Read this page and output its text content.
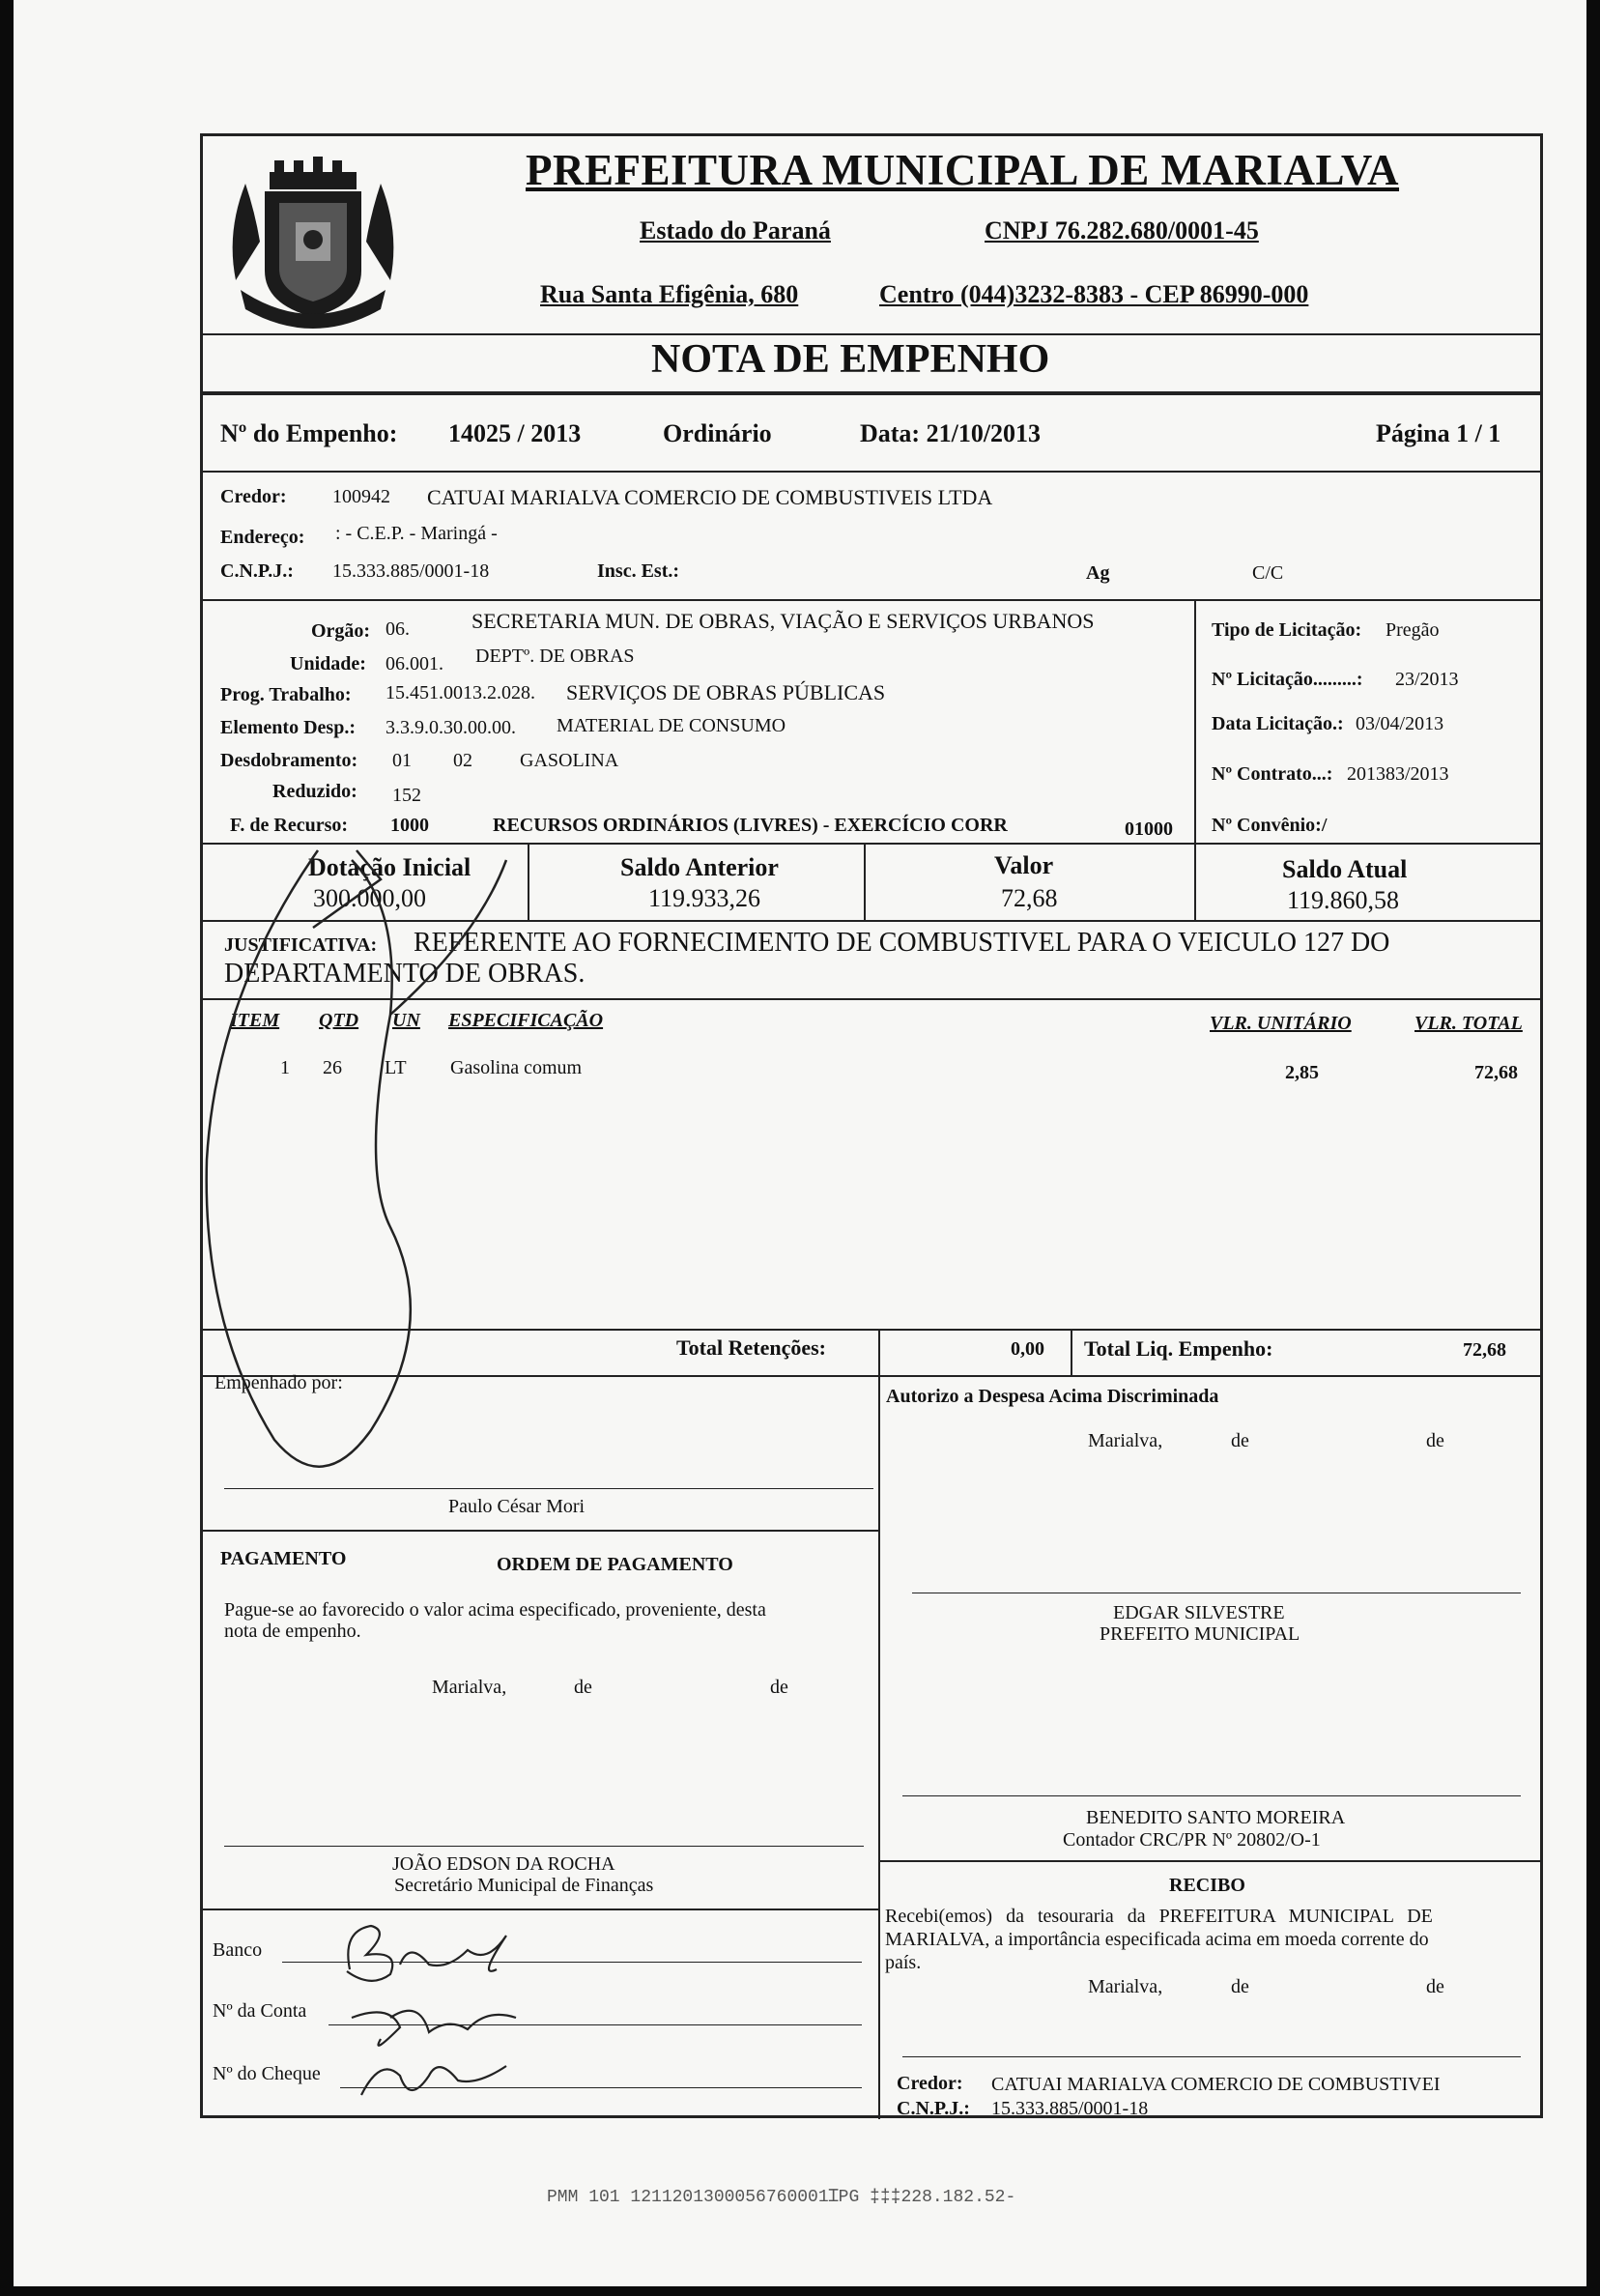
PREFEITURA MUNICIPAL DE MARIALVA
Estado do Paraná	CNPJ 76.282.680/0001-45
Rua Santa Efigênia, 680	Centro (044)3232-8383 - CEP 86990-000
NOTA DE EMPENHO
Nº do Empenho: 14025 / 2013	Ordinário	Data: 21/10/2013	Página 1 / 1
Credor: 100942 CATUAI MARIALVA COMERCIO DE COMBUSTIVEIS LTDA
Endereço: : - C.E.P. - Maringá -
C.N.P.J.: 15.333.885/0001-18	Insc. Est.:	Ag	C/C
Orgão: 06.	SECRETARIA MUN. DE OBRAS, VIAÇÃO E SERVIÇOS URBANOS
Unidade: 06.001. DEPTº. DE OBRAS
Prog. Trabalho: 15.451.0013.2.028. SERVIÇOS DE OBRAS PÚBLICAS
Elemento Desp.: 3.3.9.0.30.00.00. MATERIAL DE CONSUMO
Desdobramento: 01 02 GASOLINA
Reduzido: 152
F. de Recurso: 1000	RECURSOS ORDINÁRIOS (LIVRES) - EXERCÍCIO CORR	01000
Tipo de Licitação: Pregão
Nº Licitação.........: 23/2013
Data Licitação.: 03/04/2013
Nº Contrato...: 201383/2013
Nº Convênio:/
Dotação Inicial
300.000,00
Saldo Anterior
119.933,26
Valor
72,68
Saldo Atual
119.860,58
JUSTIFICATIVA: REFERENTE AO FORNECIMENTO DE COMBUSTIVEL PARA O VEICULO 127 DO
DEPARTAMENTO DE OBRAS.
ITEM QTD UN ESPECIFICAÇÃO	VLR. UNITÁRIO	VLR. TOTAL
1 26 LT Gasolina comum	2,85	72,68
Total Retenções:	0,00 Total Liq. Empenho:	72,68
Empenhado por:
Paulo César Mori
Autorizo a Despesa Acima Discriminada
Marialva,	de	de
PAGAMENTO	ORDEM DE PAGAMENTO
Pague-se ao favorecido o valor acima especificado, proveniente, desta
nota de empenho.
Marialva,	de	de
EDGAR SILVESTRE
PREFEITO MUNICIPAL
BENEDITO SANTO MOREIRA
Contador CRC/PR Nº 20802/O-1
JOÃO EDSON DA ROCHA
Secretário Municipal de Finanças	RECIBO
Recebi(emos) da tesouraria da PREFEITURA MUNICIPAL DE
MARIALVA, a importância especificada acima em moeda corrente do
país.
Marialva,	de	de
Credor: CATUAI MARIALVA COMERCIO DE COMBUSTIVEI
C.N.P.J.: 15.333.885/0001-18
Banco
Nº da Conta
Nº do Cheque
PMM 101 1211201300056760001ꞮPG ‡‡‡228.182.52-
